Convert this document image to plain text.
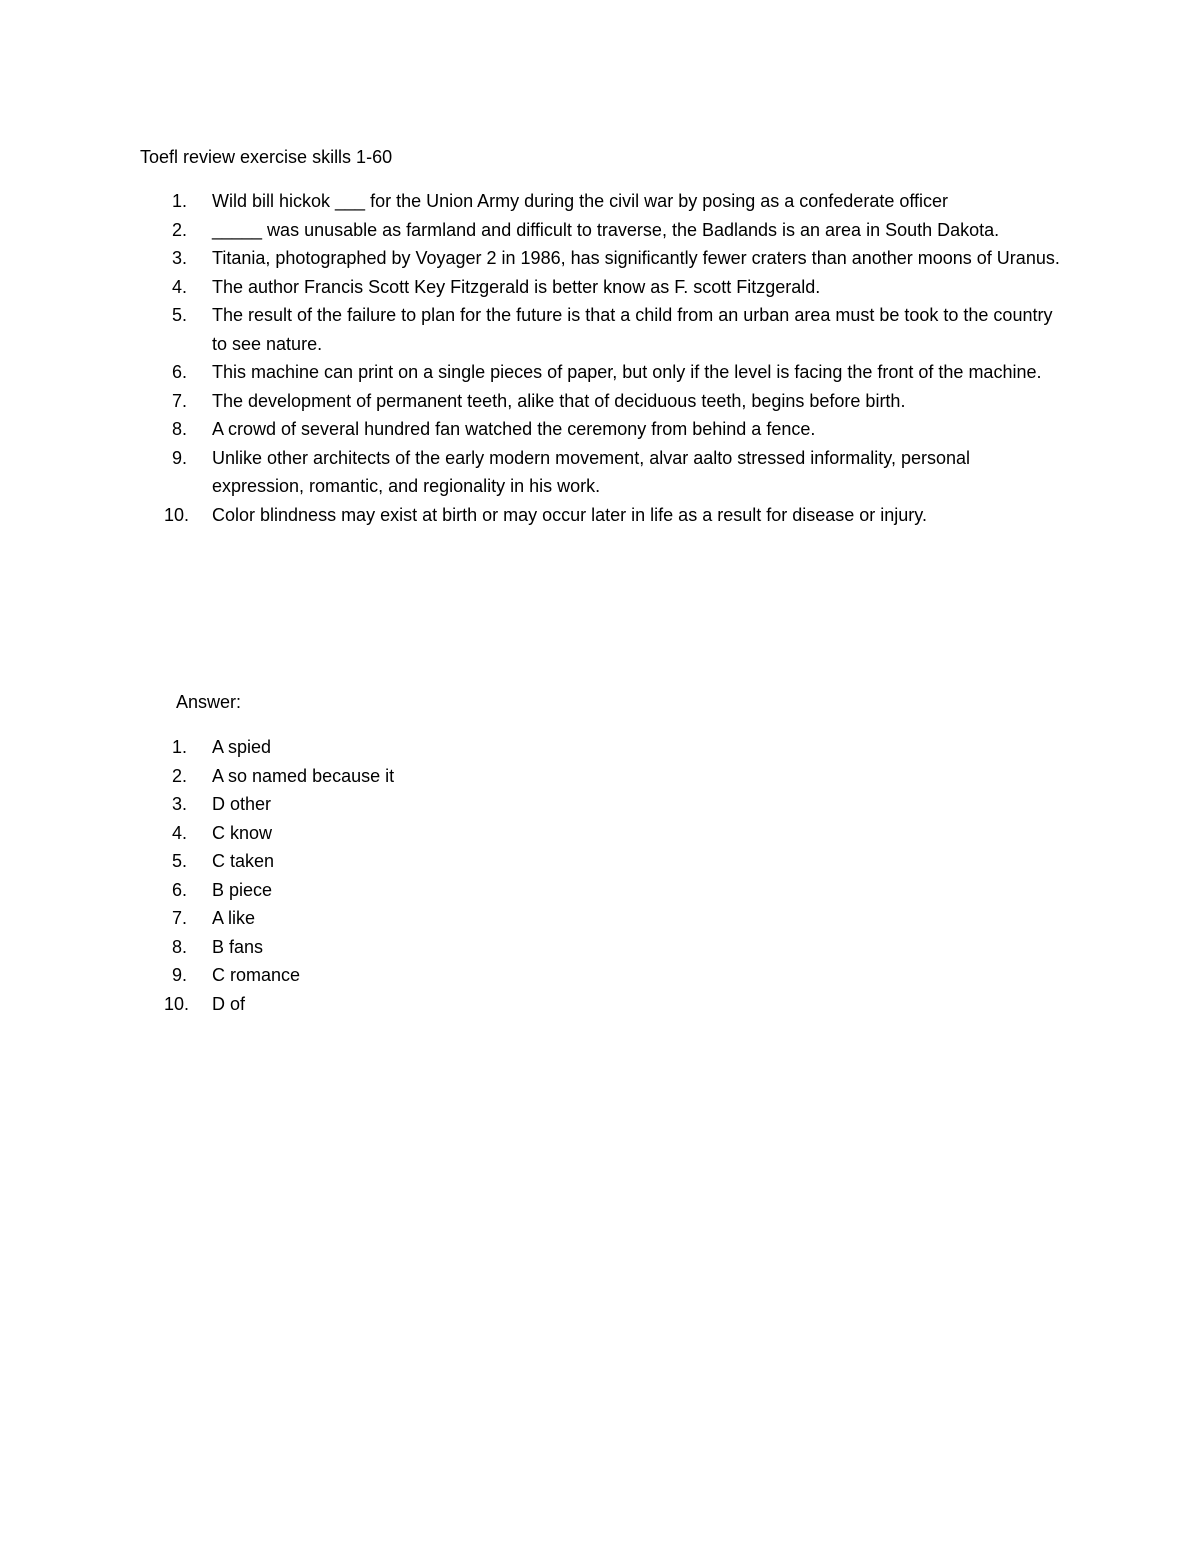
Toefl review exercise skills 1-60
1.	Wild bill hickok ___ for the Union Army during the civil war by posing as a confederate officer
2.	_____ was unusable as farmland and difficult to traverse, the Badlands is an area in South Dakota.
3.	Titania, photographed by Voyager 2 in 1986, has significantly fewer craters than another moons of Uranus.
4.	The author Francis Scott Key Fitzgerald is better know as F. scott Fitzgerald.
5.	The result of the failure to plan for the future is that a child from an urban area must be took to the country to see nature.
6.	This machine can print on a single pieces of paper, but only if the level is facing the front of the machine.
7.	The development of permanent teeth, alike that of deciduous teeth, begins before birth.
8.	A crowd of several hundred fan watched the ceremony from behind a fence.
9.	Unlike other architects of the early modern movement, alvar aalto stressed informality, personal expression, romantic, and regionality in his work.
10.	Color blindness may exist at birth or may occur later in life as a result for disease or injury.
Answer:
1.	A spied
2.	A so named because it
3.	D other
4.	C know
5.	C taken
6.	B piece
7.	A like
8.	B fans
9.	C romance
10.	D of
